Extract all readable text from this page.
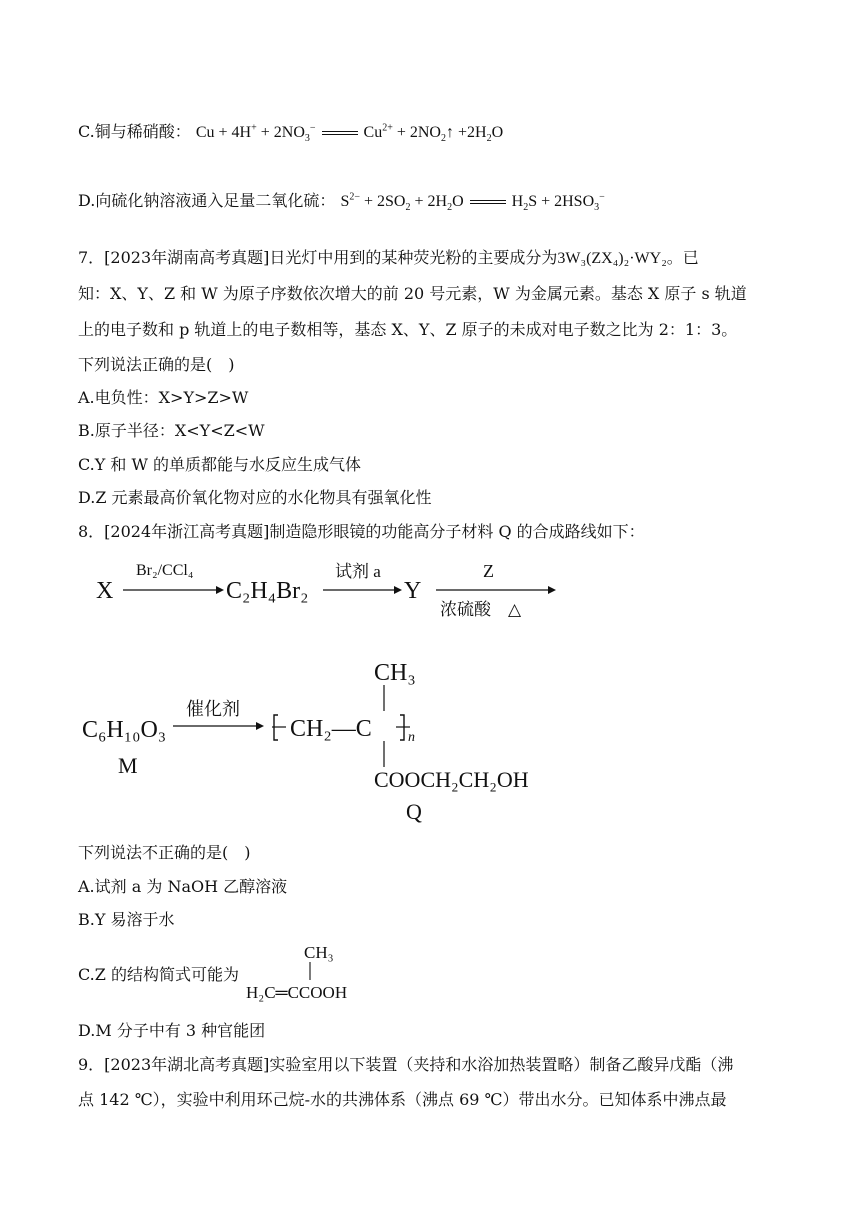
C.铜与稀硝酸： $Cu + 4H^+ + 2NO_3^-$	$Cu^{2+}$ + $2NO_2↑ +2H_2O$
D.向硫化钠溶液通入足量二氧化硫： $S^{2-} + 2SO_2 + 2H_2O$	$H_2S + 2HSO_3^-$
7．[2023年湖南高考真题]日光灯中用到的某种荧光粉的主要成分为3W₃(ZX₄)₂·WY₂。已
知：X、Y、Z 和 W 为原子序数依次增大的前 20 号元素，W 为金属元素。基态 X 原子 s 轨道
上的电子数和 p 轨道上的电子数相等，基态 X、Y、Z 原子的未成对电子数之比为 2：1：3。
下列说法正确的是(　)
A.电负性：X>Y>Z>W
B.原子半径：X<Y<Z<W
C.Y 和 W 的单质都能与水反应生成气体
D.Z 元素最高价氧化物对应的水化物具有强氧化性
8．[2024年浙江高考真题]制造隐形眼镜的功能高分子材料 Q 的合成路线如下：
X
Br₂/CCl₄
C₂H₄Br₂
试剂 a
Y
Z
浓硫酸　△
C₆H₁₀O₃
M
催化剂
CH₃
CH₂—C	n
COOCH₂CH₂OH
Q
下列说法不正确的是(　)
A.试剂 a 为 NaOH 乙醇溶液
B.Y 易溶于水
C.Z 的结构简式可能为
CH₃
H₂C═CCOOH
D.M 分子中有 3 种官能团
9．[2023年湖北高考真题]实验室用以下装置（夹持和水浴加热装置略）制备乙酸异戊酯（沸
点 142 ℃），实验中利用环己烷-水的共沸体系（沸点 69 ℃）带出水分。已知体系中沸点最
